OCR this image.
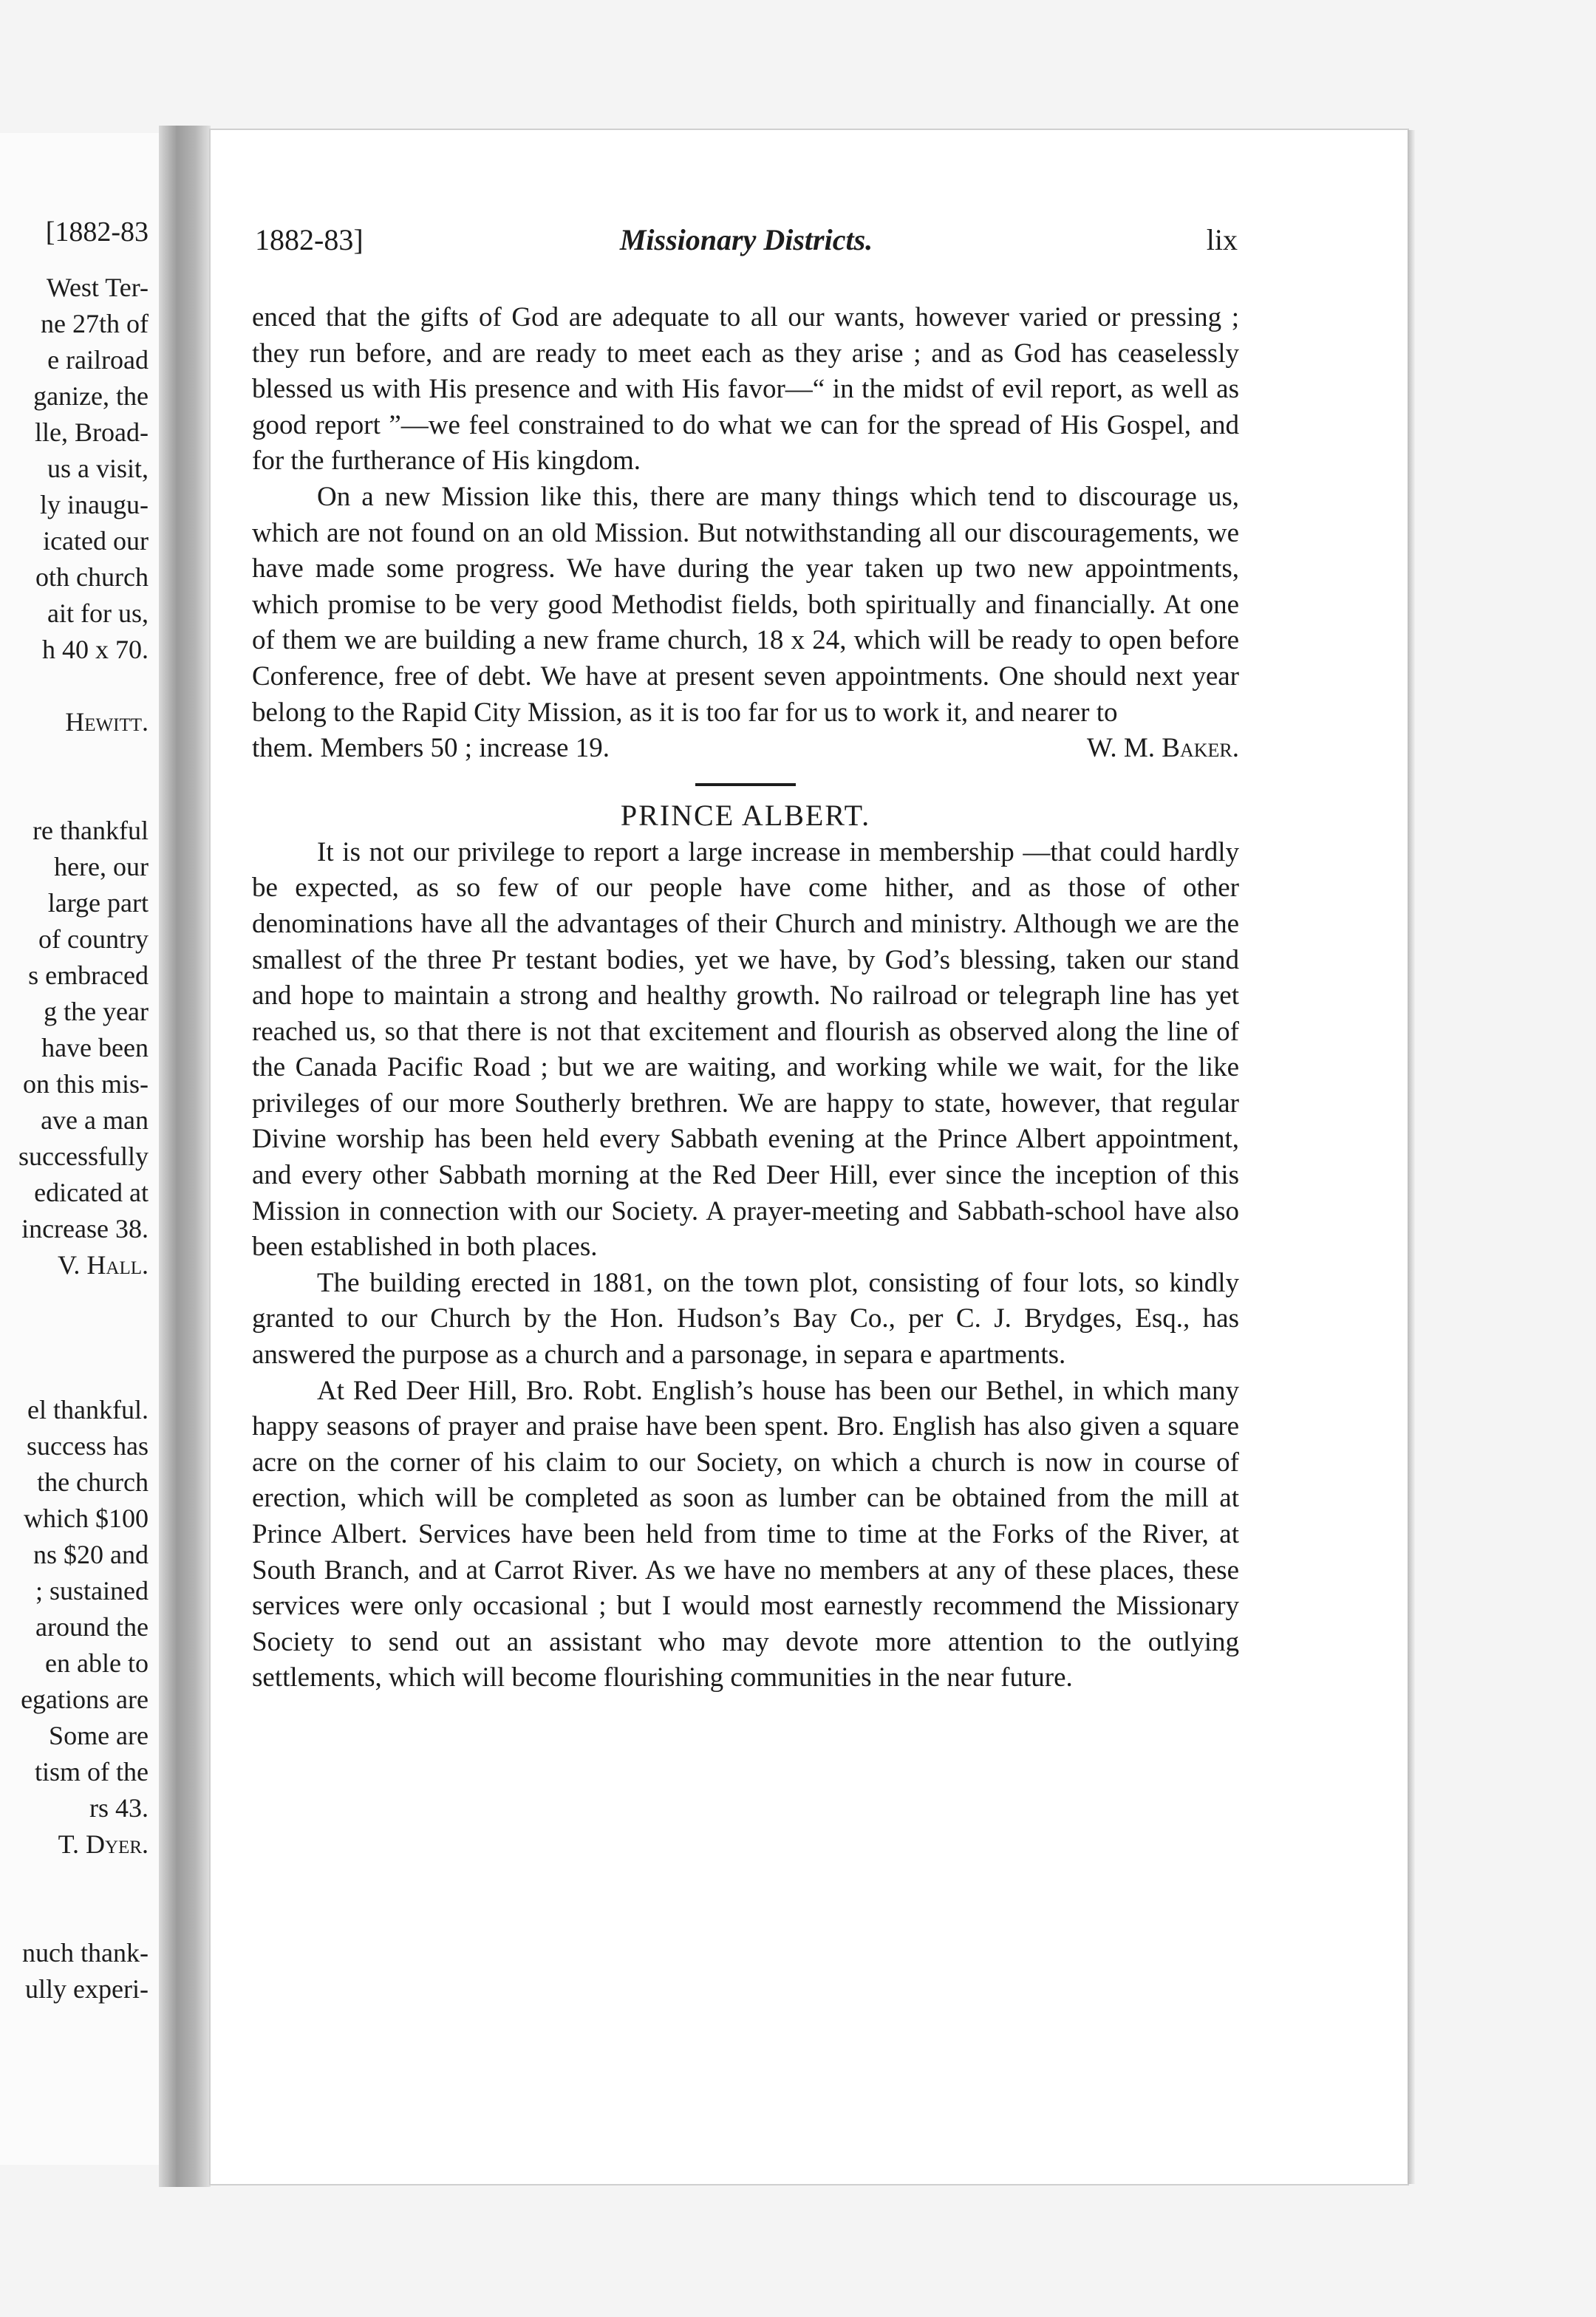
[1882-83
West Ter-
ne 27th of
e railroad
ganize, the
lle, Broad-
us a visit,
ly inaugu-
icated our
oth church
ait for us,
h 40 x 70.
Hewitt.
re thankful
here, our
large part
of country
s embraced
g the year
have been
on this mis-
ave a man
successfully
edicated at
increase 38.
V. Hall.
el thankful.
success has
the church
which $100
ns $20 and
; sustained
around the
en able to
egations are
Some are
tism of the
rs 43.
T. Dyer.
nuch thank-
ully experi-
1882-83]	Missionary Districts.	lix

enced that the gifts of God are adequate to all our wants, however varied or pressing ; they run before, and are ready to meet each as they arise ; and as God has ceaselessly blessed us with His presence and with His favor—“ in the midst of evil report, as well as good report ”—we feel constrained to do what we can for the spread of His Gospel, and for the furtherance of His kingdom.

On a new Mission like this, there are many things which tend to discourage us, which are not found on an old Mission. But notwithstanding all our discouragements, we have made some progress. We have during the year taken up two new appointments, which promise to be very good Methodist fields, both spiritually and financially. At one of them we are building a new frame church, 18 x 24, which will be ready to open before Conference, free of debt. We have at present seven appointments. One should next year belong to the Rapid City Mission, as it is too far for us to work it, and nearer to

them. Members 50 ; increase 19.	W. M. Baker.
PRINCE ALBERT.

It is not our privilege to report a large increase in membership —that could hardly be expected, as so few of our people have come hither, and as those of other denominations have all the advantages of their Church and ministry. Although we are the smallest of the three Pr testant bodies, yet we have, by God’s blessing, taken our stand and hope to maintain a strong and healthy growth. No railroad or telegraph line has yet reached us, so that there is not that excitement and flourish as observed along the line of the Canada Pacific Road ; but we are waiting, and working while we wait, for the like privileges of our more Southerly brethren. We are happy to state, however, that regular Divine worship has been held every Sabbath evening at the Prince Albert appointment, and every other Sabbath morning at the Red Deer Hill, ever since the inception of this Mission in connection with our Society. A prayer-meeting and Sabbath-school have also been established in both places.

The building erected in 1881, on the town plot, consisting of four lots, so kindly granted to our Church by the Hon. Hudson’s Bay Co., per C. J. Brydges, Esq., has answered the purpose as a church and a parsonage, in separa e apartments.

At Red Deer Hill, Bro. Robt. English’s house has been our Bethel, in which many happy seasons of prayer and praise have been spent. Bro. English has also given a square acre on the corner of his claim to our Society, on which a church is now in course of erection, which will be completed as soon as lumber can be obtained from the mill at Prince Albert. Services have been held from time to time at the Forks of the River, at South Branch, and at Carrot River. As we have no members at any of these places, these services were only occasional ; but I would most earnestly recommend the Missionary Society to send out an assistant who may devote more attention to the outlying settlements, which will become flourishing communities in the near future.
